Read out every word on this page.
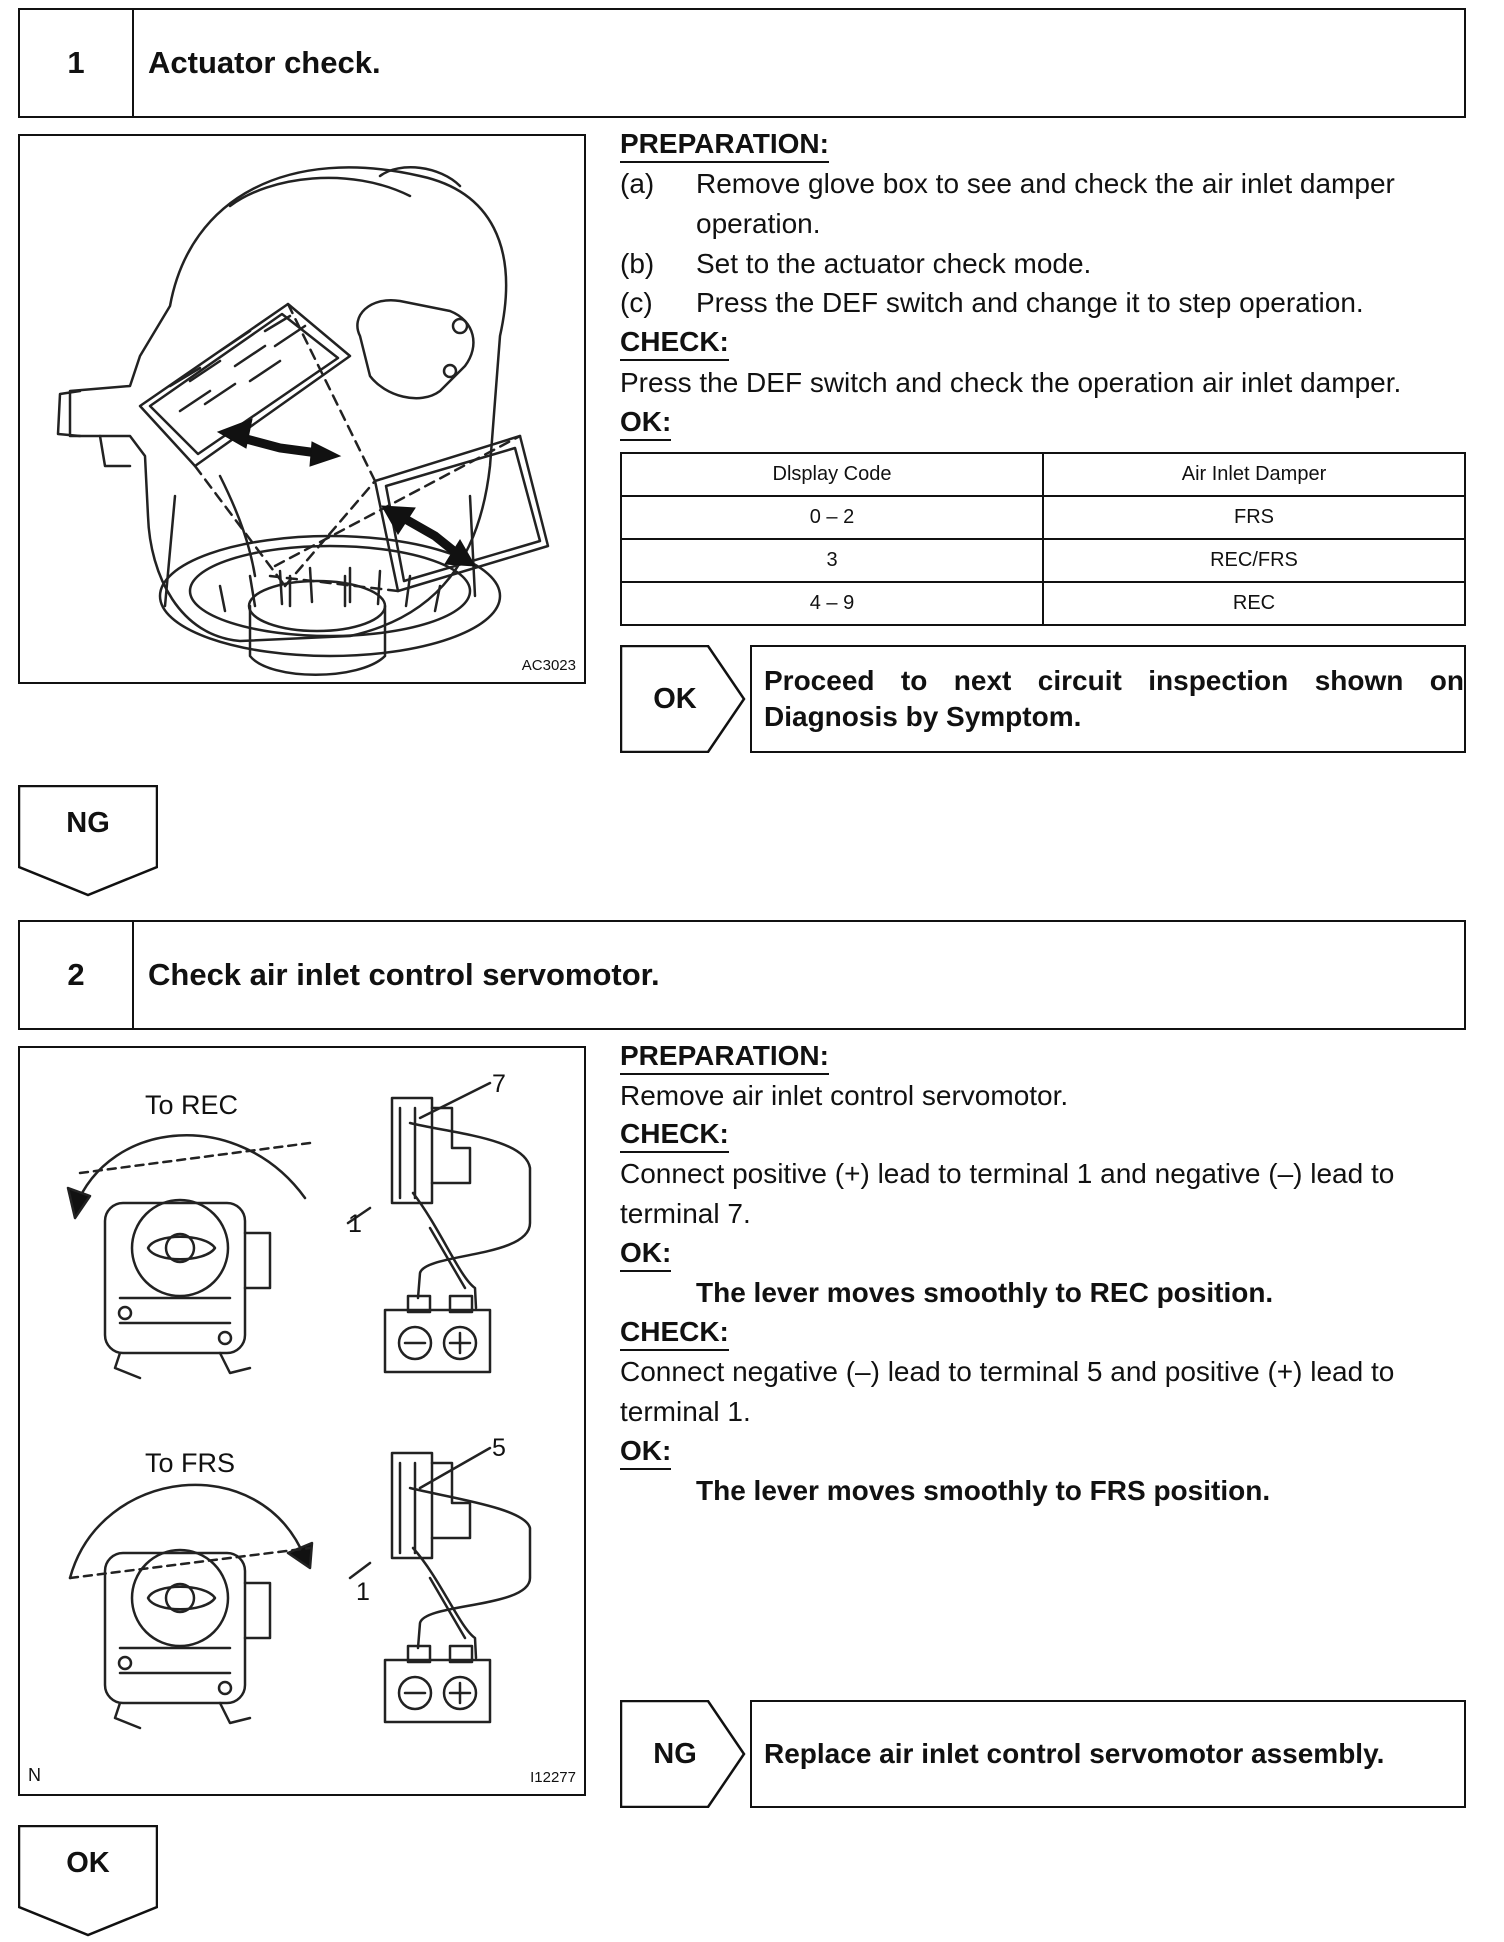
1	Actuator check.
AC3023
PREPARATION:
(a) Remove glove box to see and check the air inlet damper
operation.
(b) Set to the actuator check mode.
(c) Press the DEF switch and change it to step operation.
CHECK:
Press the DEF switch and check the operation air inlet damper.
OK:
Dlsplay Code	Air Inlet Damper
0 – 2	FRS
3	REC/FRS
4 – 9	REC
OK
Proceed to next circuit inspection shown on
Diagnosis by Symptom.
NG
2	Check air inlet control servomotor.
To REC
To FRS
7
1
5
1
N	I12277
PREPARATION:
Remove air inlet control servomotor.
CHECK:
Connect positive (+) lead to terminal 1 and negative (–) lead to
terminal 7.
OK:
The lever moves smoothly to REC position.
CHECK:
Connect negative (–) lead to terminal 5 and positive (+) lead to
terminal 1.
OK:
The lever moves smoothly to FRS position.
NG	Replace air inlet control servomotor assembly.
OK
